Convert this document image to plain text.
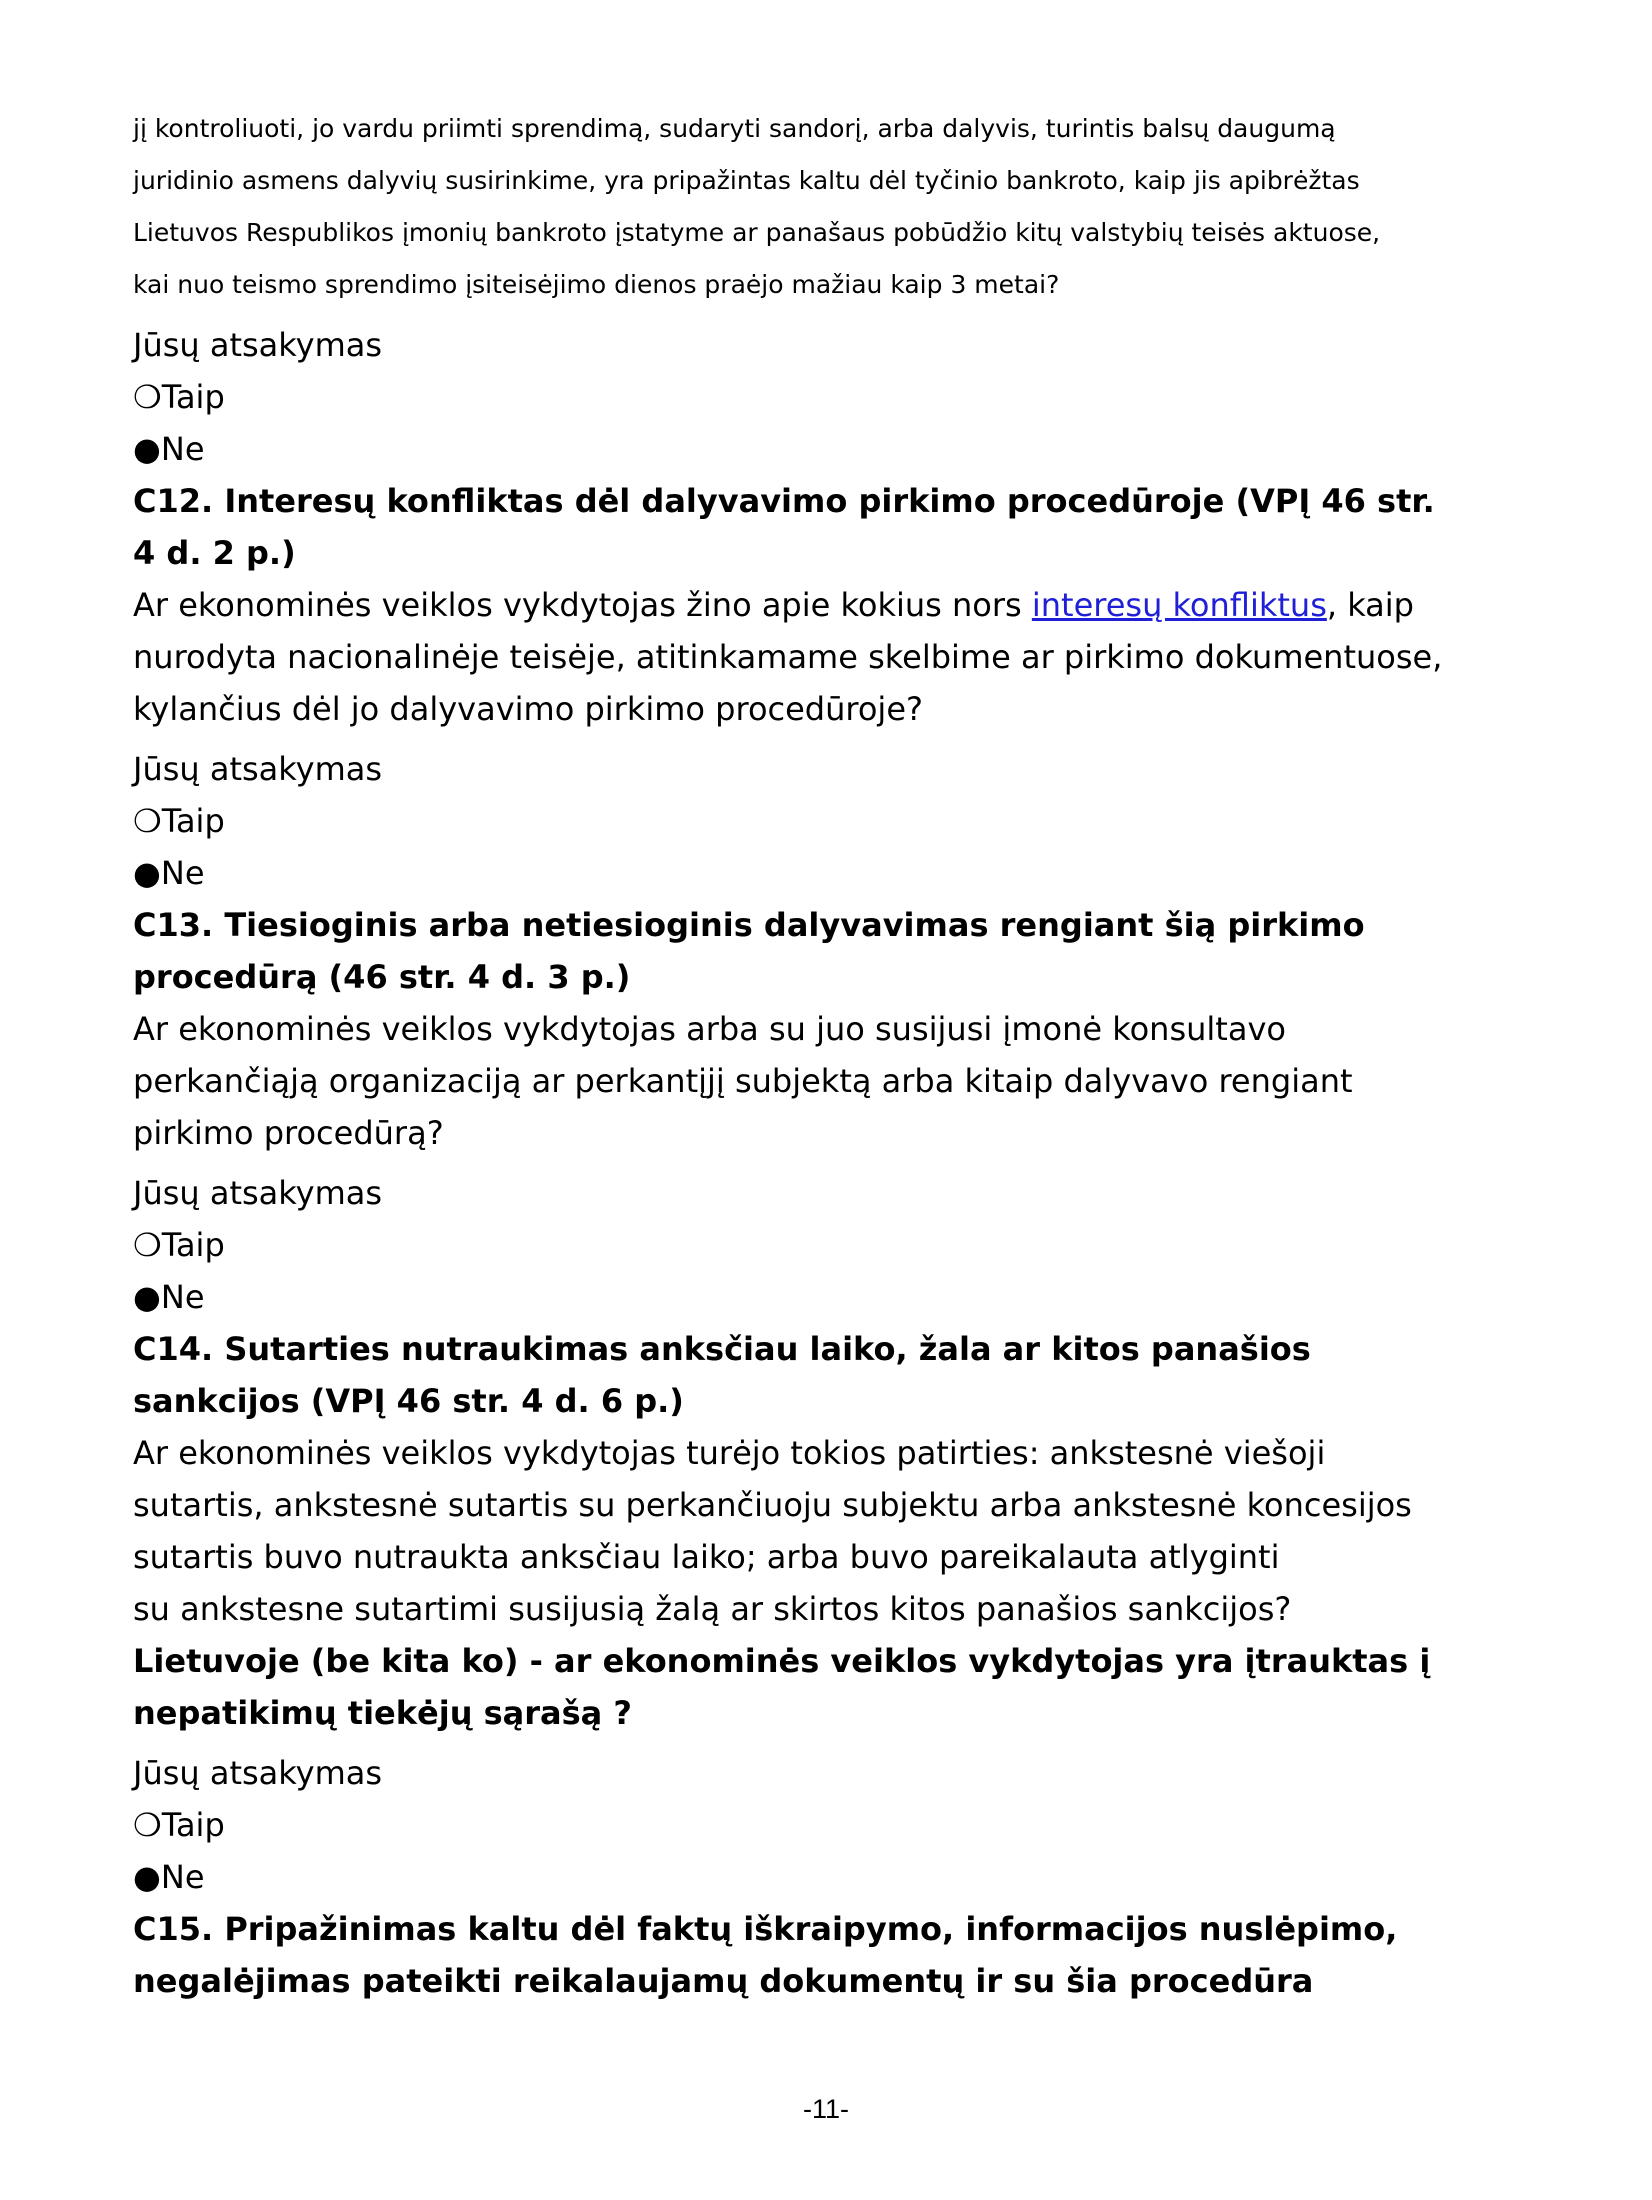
jį kontroliuoti, jo vardu priimti sprendimą, sudaryti sandorį, arba dalyvis, turintis balsų daugumą
juridinio asmens dalyvių susirinkime, yra pripažintas kaltu dėl tyčinio bankroto, kaip jis apibrėžtas
Lietuvos Respublikos įmonių bankroto įstatyme ar panašaus pobūdžio kitų valstybių teisės aktuose,
kai nuo teismo sprendimo įsiteisėjimo dienos praėjo mažiau kaip 3 metai?

Jūsų atsakymas
❍Taip
●Ne
C12. Interesų konfliktas dėl dalyvavimo pirkimo procedūroje (VPĮ 46 str.
4 d. 2 p.)

Ar ekonominės veiklos vykdytojas žino apie kokius nors interesų konfliktus, kaip
nurodyta nacionalinėje teisėje, atitinkamame skelbime ar pirkimo dokumentuose,
kylančius dėl jo dalyvavimo pirkimo procedūroje?

Jūsų atsakymas
❍Taip
●Ne
C13. Tiesioginis arba netiesioginis dalyvavimas rengiant šią pirkimo
procedūrą (46 str. 4 d. 3 p.)

Ar ekonominės veiklos vykdytojas arba su juo susijusi įmonė konsultavo
perkančiąją organizaciją ar perkantįjį subjektą arba kitaip dalyvavo rengiant
pirkimo procedūrą?

Jūsų atsakymas
❍Taip
●Ne
C14. Sutarties nutraukimas anksčiau laiko, žala ar kitos panašios
sankcijos (VPĮ 46 str. 4 d. 6 p.)

Ar ekonominės veiklos vykdytojas turėjo tokios patirties: ankstesnė viešoji
sutartis, ankstesnė sutartis su perkančiuoju subjektu arba ankstesnė koncesijos
sutartis buvo nutraukta anksčiau laiko; arba buvo pareikalauta atlyginti
su ankstesne sutartimi susijusią žalą ar skirtos kitos panašios sankcijos?

Lietuvoje (be kita ko) - ar ekonominės veiklos vykdytojas yra įtrauktas į
nepatikimų tiekėjų sąrašą ?

Jūsų atsakymas
❍Taip
●Ne
C15. Pripažinimas kaltu dėl faktų iškraipymo, informacijos nuslėpimo,
negalėjimas pateikti reikalaujamų dokumentų ir su šia procedūra
-11-
